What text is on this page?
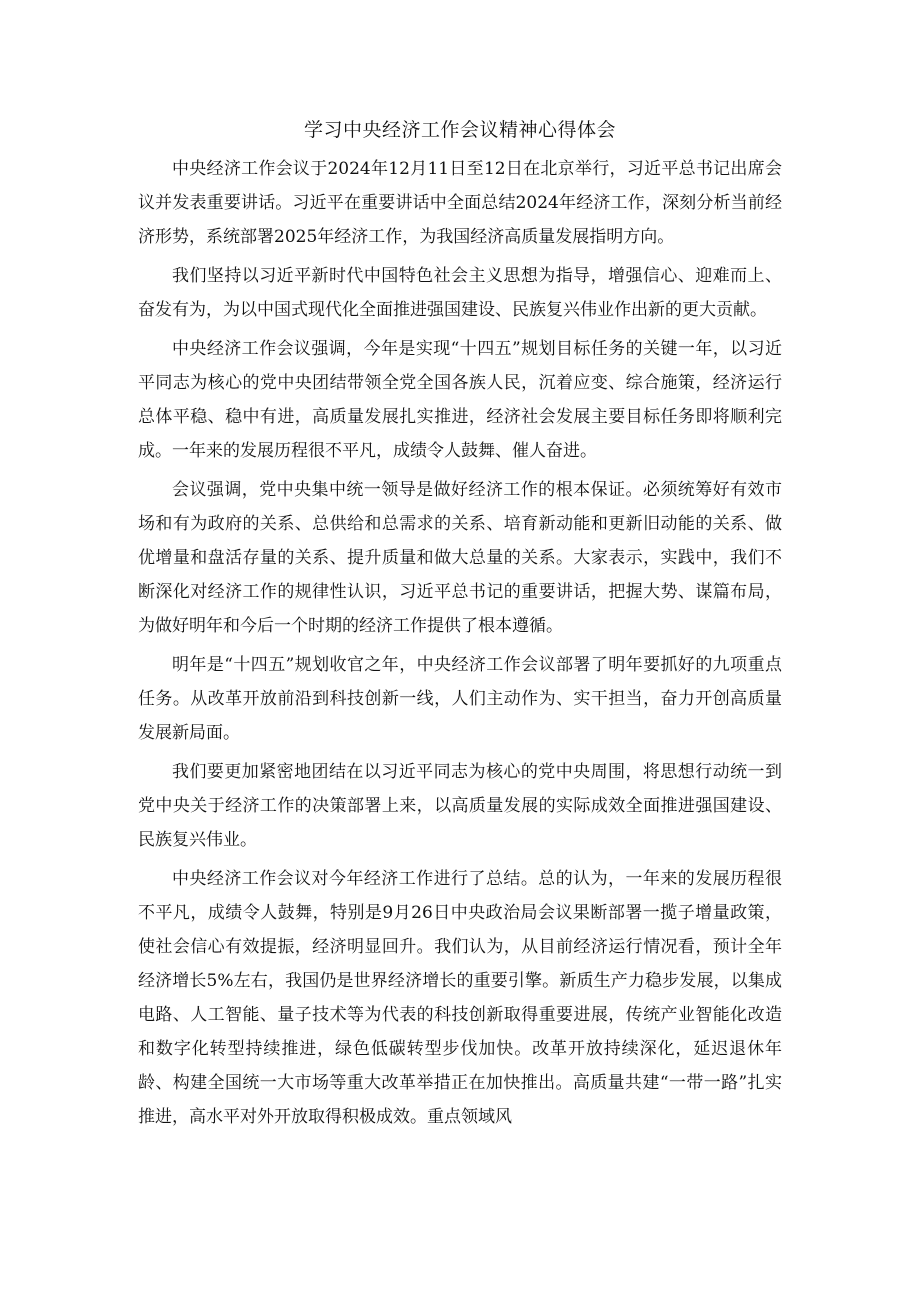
学习中央经济工作会议精神心得体会

中央经济工作会议于2024年12月11日至12日在北京举行，习近平总书记出席会议并发表重要讲话。习近平在重要讲话中全面总结2024年经济工作，深刻分析当前经济形势，系统部署2025年经济工作，为我国经济高质量发展指明方向。

我们坚持以习近平新时代中国特色社会主义思想为指导，增强信心、迎难而上、奋发有为，为以中国式现代化全面推进强国建设、民族复兴伟业作出新的更大贡献。

中央经济工作会议强调，今年是实现“十四五”规划目标任务的关键一年，以习近平同志为核心的党中央团结带领全党全国各族人民，沉着应变、综合施策，经济运行总体平稳、稳中有进，高质量发展扎实推进，经济社会发展主要目标任务即将顺利完成。一年来的发展历程很不平凡，成绩令人鼓舞、催人奋进。

会议强调，党中央集中统一领导是做好经济工作的根本保证。必须统筹好有效市场和有为政府的关系、总供给和总需求的关系、培育新动能和更新旧动能的关系、做优增量和盘活存量的关系、提升质量和做大总量的关系。大家表示，实践中，我们不断深化对经济工作的规律性认识，习近平总书记的重要讲话，把握大势、谋篇布局，为做好明年和今后一个时期的经济工作提供了根本遵循。

明年是“十四五”规划收官之年，中央经济工作会议部署了明年要抓好的九项重点任务。从改革开放前沿到科技创新一线，人们主动作为、实干担当，奋力开创高质量发展新局面。

我们要更加紧密地团结在以习近平同志为核心的党中央周围，将思想行动统一到党中央关于经济工作的决策部署上来，以高质量发展的实际成效全面推进强国建设、民族复兴伟业。

中央经济工作会议对今年经济工作进行了总结。总的认为，一年来的发展历程很不平凡，成绩令人鼓舞，特别是9月26日中央政治局会议果断部署一揽子增量政策，使社会信心有效提振，经济明显回升。我们认为，从目前经济运行情况看，预计全年经济增长5%左右，我国仍是世界经济增长的重要引擎。新质生产力稳步发展，以集成电路、人工智能、量子技术等为代表的科技创新取得重要进展，传统产业智能化改造和数字化转型持续推进，绿色低碳转型步伐加快。改革开放持续深化，延迟退休年龄、构建全国统一大市场等重大改革举措正在加快推出。高质量共建“一带一路”扎实推进，高水平对外开放取得积极成效。重点领域风
